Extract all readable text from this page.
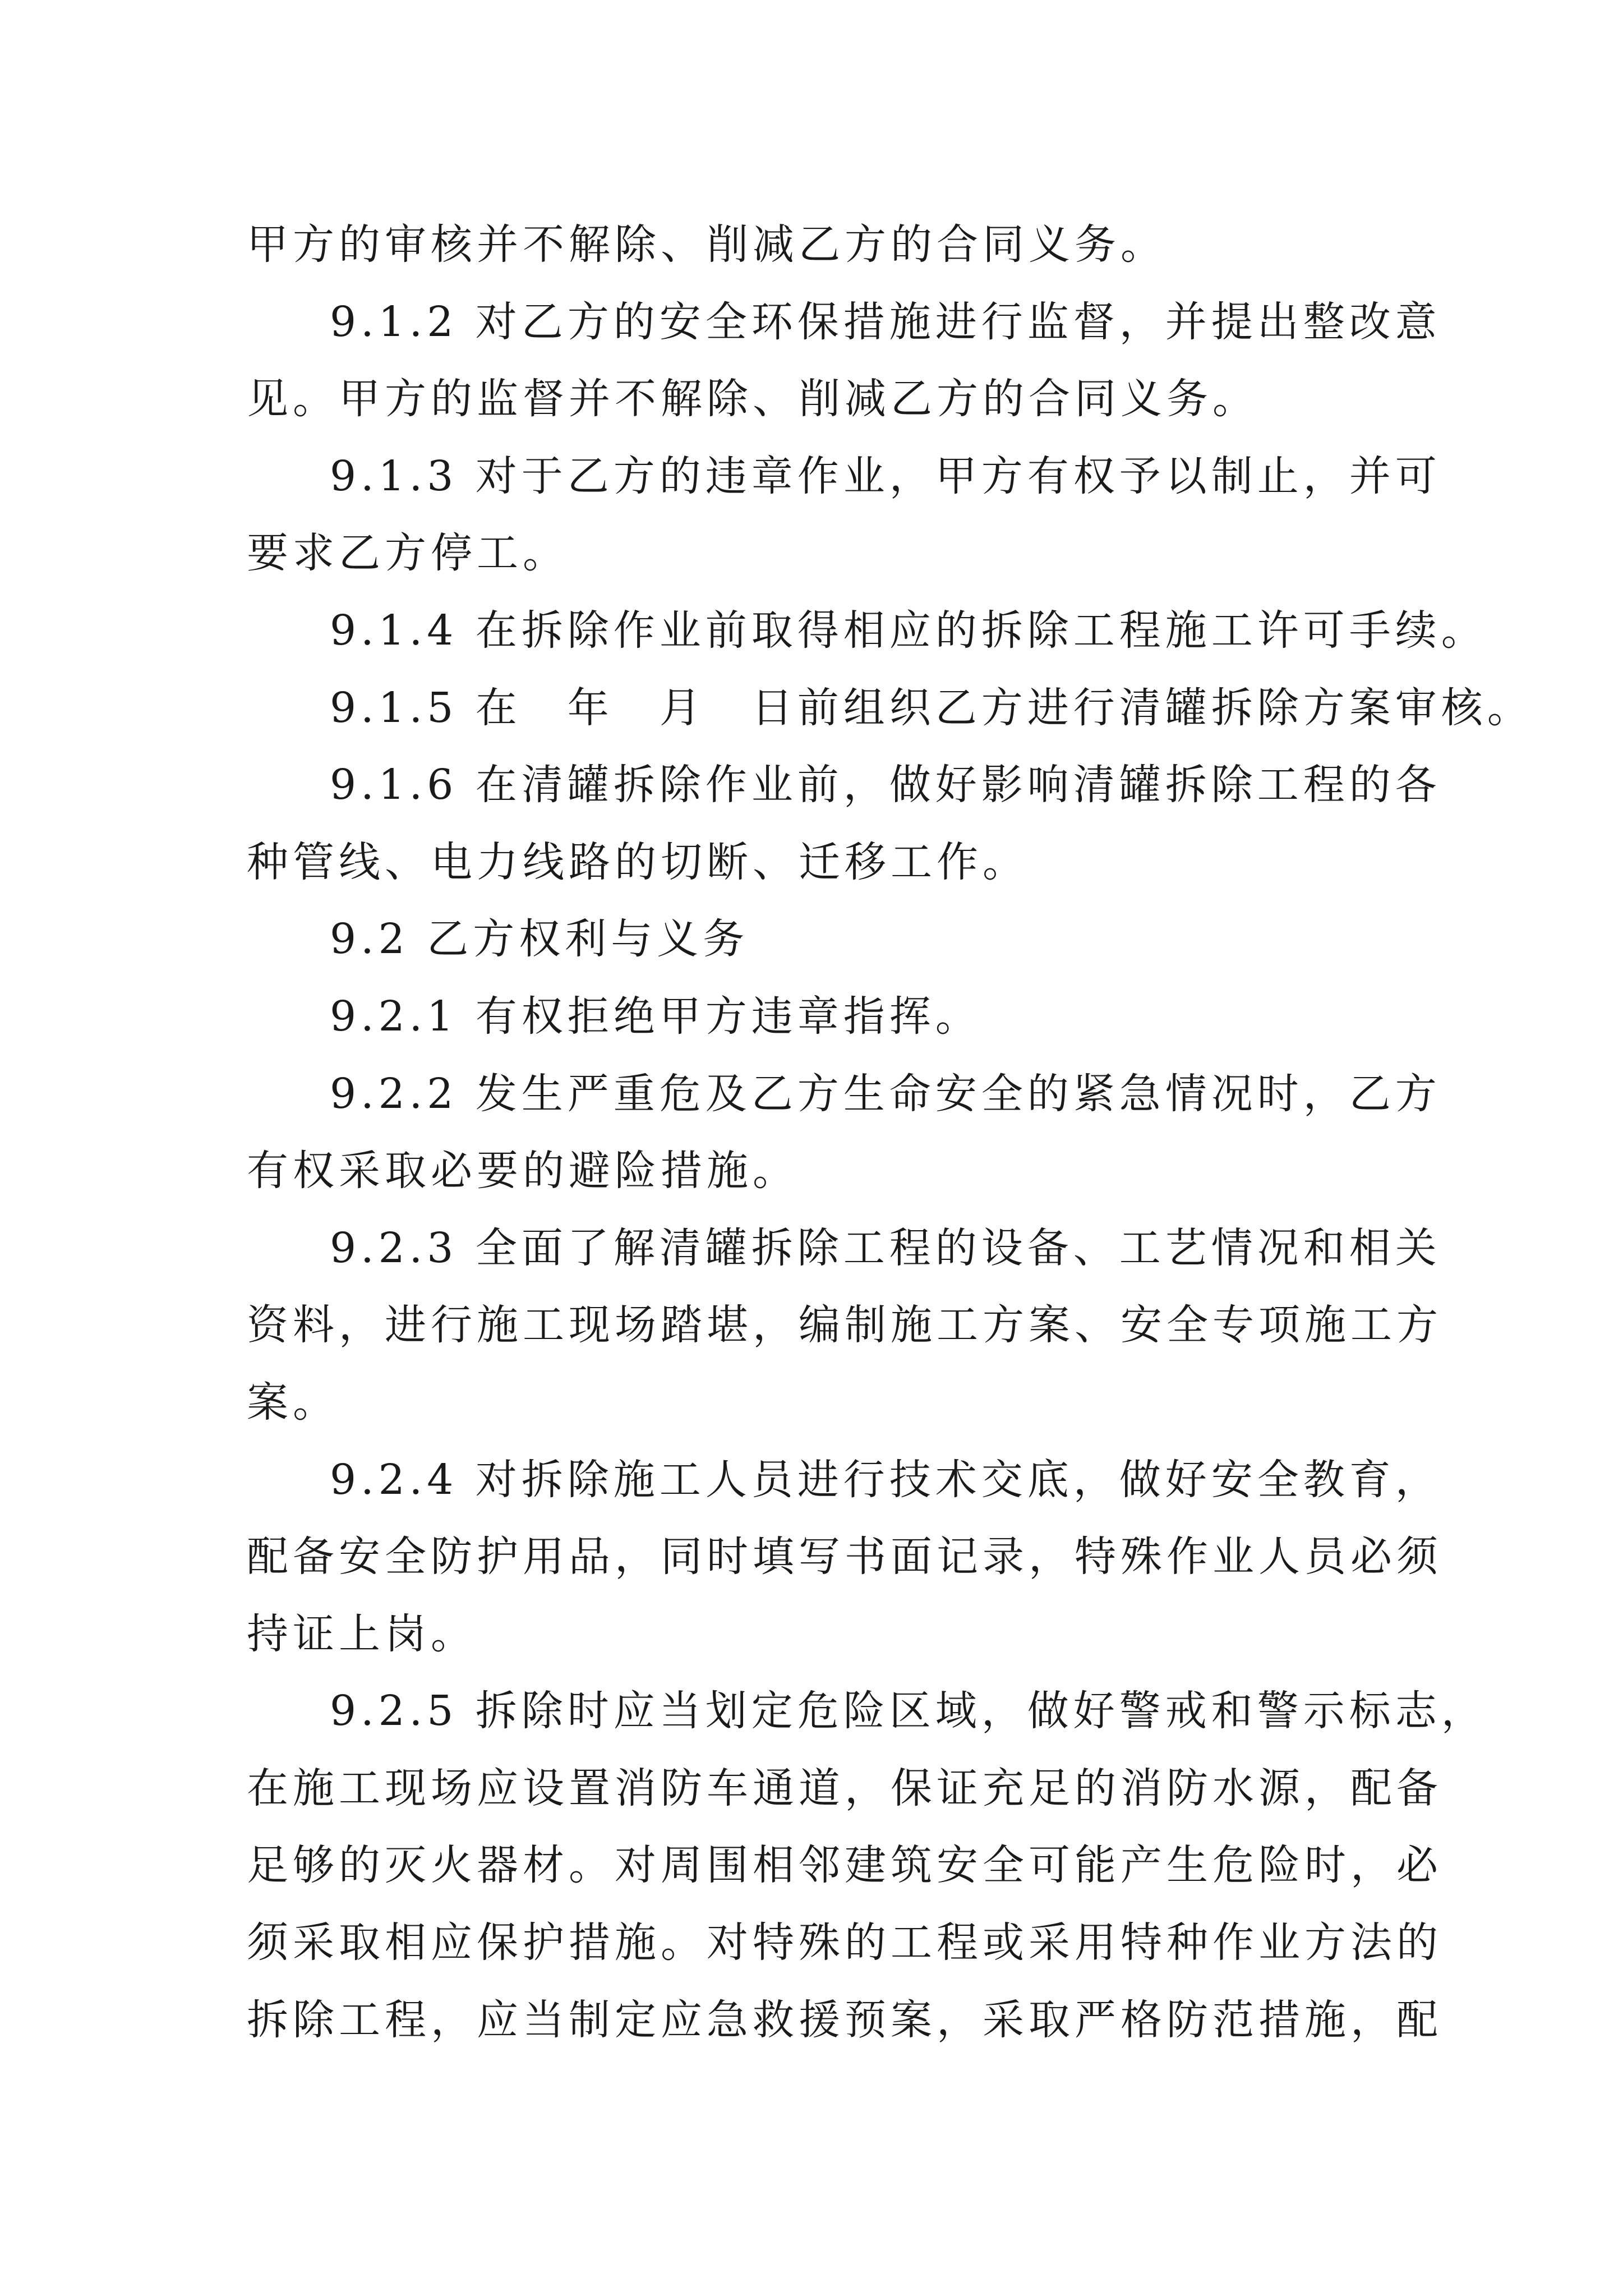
甲方的审核并不解除、削减乙方的合同义务。

9.1.2 对乙方的安全环保措施进行监督，并提出整改意
见。甲方的监督并不解除、削减乙方的合同义务。

9.1.3 对于乙方的违章作业，甲方有权予以制止，并可
要求乙方停工。

9.1.4 在拆除作业前取得相应的拆除工程施工许可手续。

9.1.5 在　年　月　日前组织乙方进行清罐拆除方案审核。

9.1.6 在清罐拆除作业前，做好影响清罐拆除工程的各
种管线、电力线路的切断、迁移工作。

9.2 乙方权利与义务

9.2.1 有权拒绝甲方违章指挥。

9.2.2 发生严重危及乙方生命安全的紧急情况时，乙方
有权采取必要的避险措施。

9.2.3 全面了解清罐拆除工程的设备、工艺情况和相关
资料，进行施工现场踏堪，编制施工方案、安全专项施工方
案。

9.2.4 对拆除施工人员进行技术交底，做好安全教育，
配备安全防护用品，同时填写书面记录，特殊作业人员必须
持证上岗。

9.2.5 拆除时应当划定危险区域，做好警戒和警示标志，
在施工现场应设置消防车通道，保证充足的消防水源，配备
足够的灭火器材。对周围相邻建筑安全可能产生危险时，必
须采取相应保护措施。对特殊的工程或采用特种作业方法的
拆除工程，应当制定应急救援预案，采取严格防范措施，配
